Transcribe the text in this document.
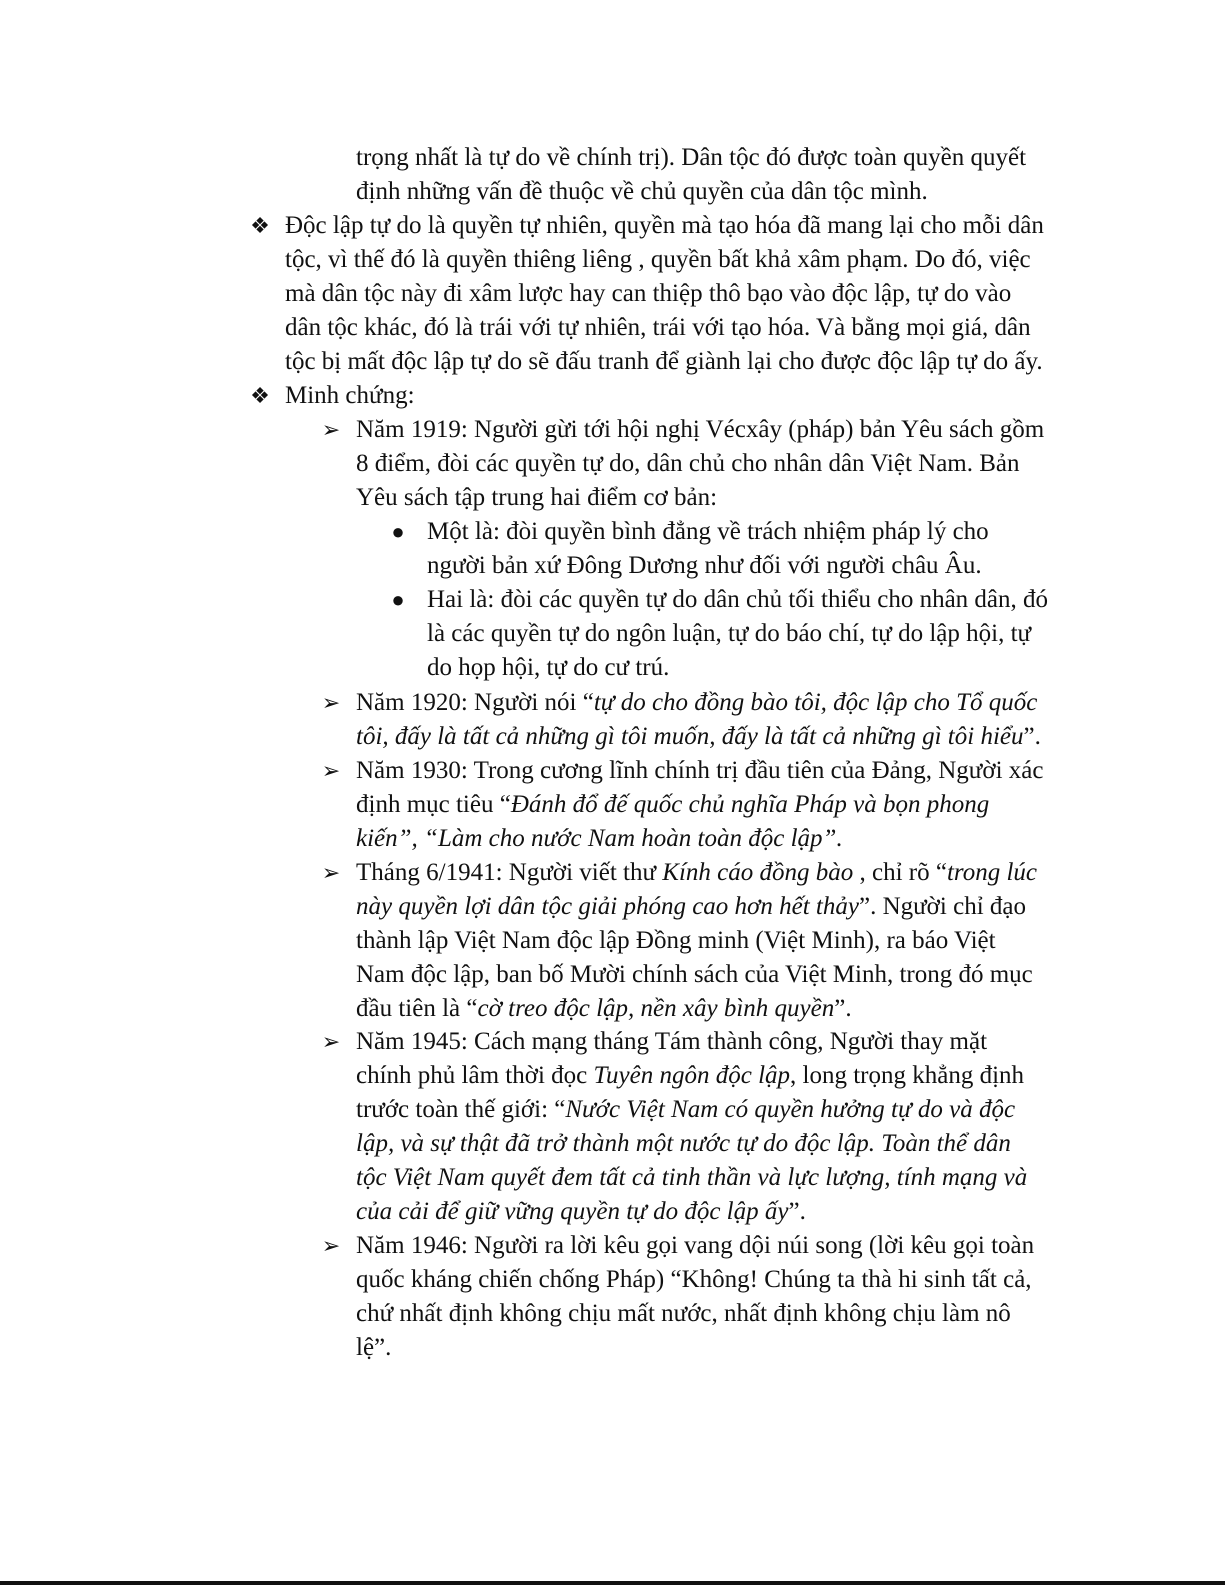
trọng nhất là tự do về chính trị). Dân tộc đó được toàn quyền quyết
định những vấn đề thuộc về chủ quyền của dân tộc mình.
❖ Độc lập tự do là quyền tự nhiên, quyền mà tạo hóa đã mang lại cho mỗi dân
tộc, vì thế đó là quyền thiêng liêng , quyền bất khả xâm phạm. Do đó, việc
mà dân tộc này đi xâm lược hay can thiệp thô bạo vào độc lập, tự do vào
dân tộc khác, đó là trái với tự nhiên, trái với tạo hóa. Và bằng mọi giá, dân
tộc bị mất độc lập tự do sẽ đấu tranh để giành lại cho được độc lập tự do ấy.
❖ Minh chứng:
➢ Năm 1919: Người gừi tới hội nghị Vécxây (pháp) bản Yêu sách gồm
8 điểm, đòi các quyền tự do, dân chủ cho nhân dân Việt Nam. Bản
Yêu sách tập trung hai điểm cơ bản:
● Một là: đòi quyền bình đẳng về trách nhiệm pháp lý cho
người bản xứ Đông Dương như đối với người châu Âu.
● Hai là: đòi các quyền tự do dân chủ tối thiểu cho nhân dân, đó
là các quyền tự do ngôn luận, tự do báo chí, tự do lập hội, tự
do họp hội, tự do cư trú.
➢ Năm 1920: Người nói “tự do cho đồng bào tôi, độc lập cho Tổ quốc
tôi, đấy là tất cả những gì tôi muốn, đấy là tất cả những gì tôi hiểu”.
➢ Năm 1930: Trong cương lĩnh chính trị đầu tiên của Đảng, Người xác
định mục tiêu “Đánh đổ đế quốc chủ nghĩa Pháp và bọn phong
kiến”, “Làm cho nước Nam hoàn toàn độc lập”.
➢ Tháng 6/1941: Người viết thư Kính cáo đồng bào , chỉ rõ “trong lúc
này quyền lợi dân tộc giải phóng cao hơn hết thảy”. Người chỉ đạo
thành lập Việt Nam độc lập Đồng minh (Việt Minh), ra báo Việt
Nam độc lập, ban bố Mười chính sách của Việt Minh, trong đó mục
đầu tiên là “cờ treo độc lập, nền xây bình quyền”.
➢ Năm 1945: Cách mạng tháng Tám thành công, Người thay mặt
chính phủ lâm thời đọc Tuyên ngôn độc lập, long trọng khẳng định
trước toàn thế giới: “Nước Việt Nam có quyền hưởng tự do và độc
lập, và sự thật đã trở thành một nước tự do độc lập. Toàn thể dân
tộc Việt Nam quyết đem tất cả tinh thần và lực lượng, tính mạng và
của cải để giữ vững quyền tự do độc lập ấy”.
➢ Năm 1946: Người ra lời kêu gọi vang dội núi song (lời kêu gọi toàn
quốc kháng chiến chống Pháp) “Không! Chúng ta thà hi sinh tất cả,
chứ nhất định không chịu mất nước, nhất định không chịu làm nô
lệ”.
